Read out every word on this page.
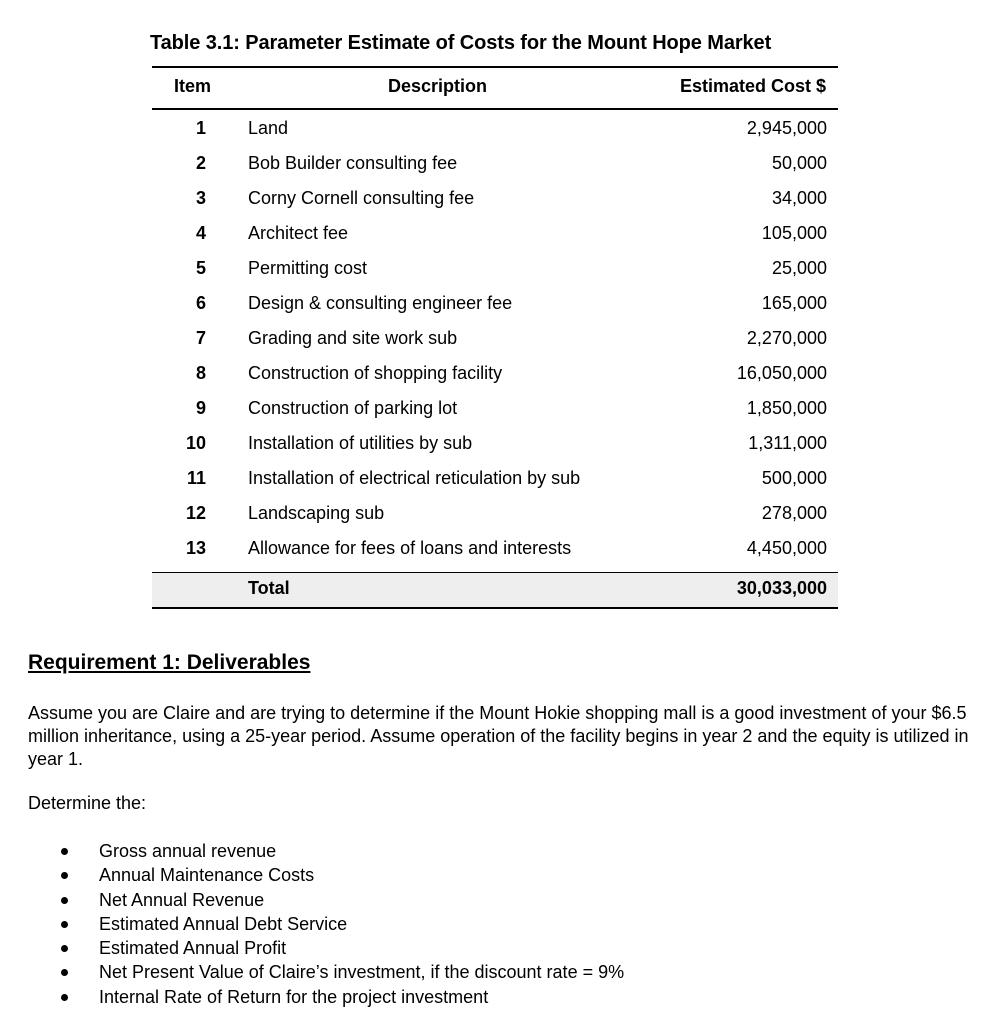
Table 3.1: Parameter Estimate of Costs for the Mount Hope Market
Item	Description	Estimated Cost $
1 Land	2,945,000
2 Bob Builder consulting fee	50,000
3 Corny Cornell consulting fee	34,000
4 Architect fee	105,000
5 Permitting cost	25,000
6 Design & consulting engineer fee	165,000
7 Grading and site work sub	2,270,000
8 Construction of shopping facility	16,050,000
9 Construction of parking lot	1,850,000
10 Installation of utilities by sub	1,311,000
11 Installation of electrical reticulation by sub	500,000
12 Landscaping sub	278,000
13 Allowance for fees of loans and interests	4,450,000
Total	30,033,000
Requirement 1: Deliverables
Assume you are Claire and are trying to determine if the Mount Hokie shopping mall is a good investment of your $6.5 million inheritance, using a 25-year period. Assume operation of the facility begins in year 2 and the equity is utilized in year 1.
Determine the:
Gross annual revenue
Annual Maintenance Costs
Net Annual Revenue
Estimated Annual Debt Service
Estimated Annual Profit
Net Present Value of Claire’s investment, if the discount rate = 9%
Internal Rate of Return for the project investment
